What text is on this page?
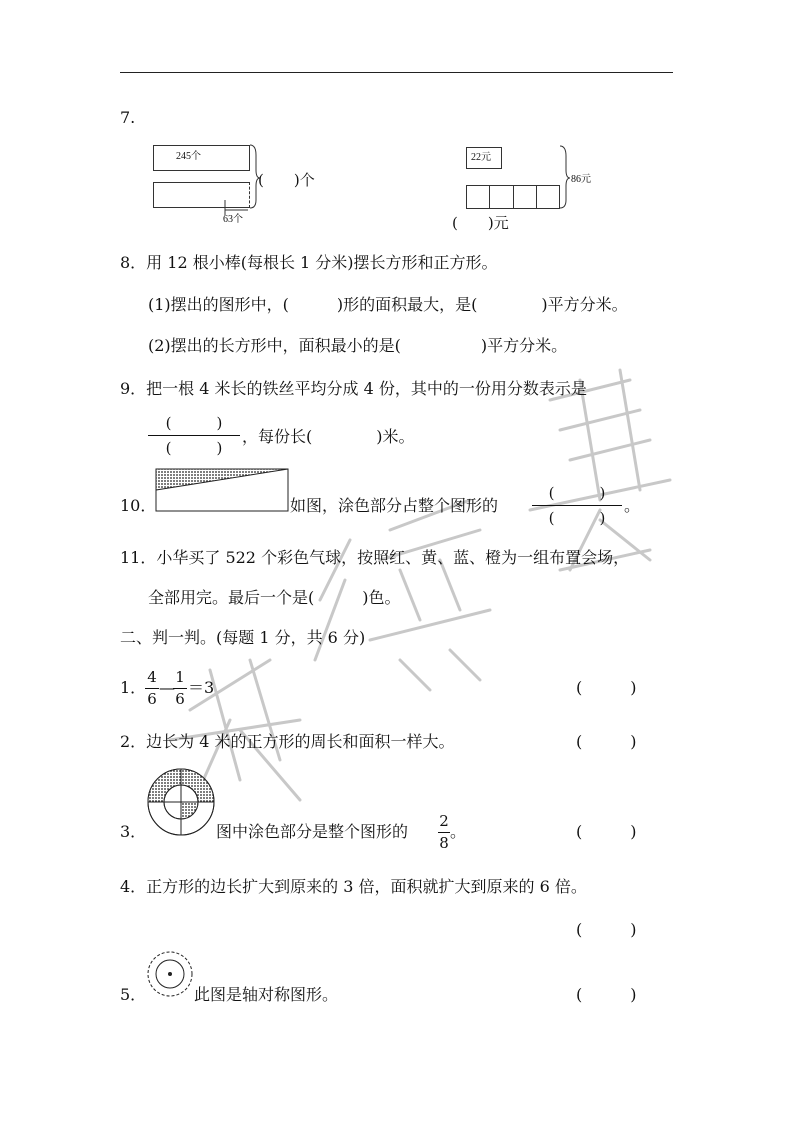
7.
245个
(　　)个
63个
22元
86元
(　　)元
8．用 12 根小棒(每根长 1 分米)摆长方形和正方形。
(1)摆出的图形中，(　　　)形的面积最大，是(　　　　)平方分米。
(2)摆出的长方形中，面积最小的是(　　　　　)平方分米。
9．把一根 4 米长的铁丝平均分成 4 份，其中的一份用分数表示是
(　　　)
(　　　)
，每份长(　　　　)米。
10．	如图，涂色部分占整个图形的
(　　　)
(　　　)
。
11．小华买了 522 个彩色气球，按照红、黄、蓝、橙为一组布置会场，
全部用完。最后一个是(　　　)色。
二、判一判。(每题 1 分，共 6 分)
1．
4
6
—
1
6
＝3	(　　　)
2．边长为 4 米的正方形的周长和面积一样大。	(　　　)
3．	图中涂色部分是整个图形的
2
8
。	(　　　)
4．正方形的边长扩大到原来的 3 倍，面积就扩大到原来的 6 倍。
(　　　)
5．	此图是轴对称图形。	(　　　)
